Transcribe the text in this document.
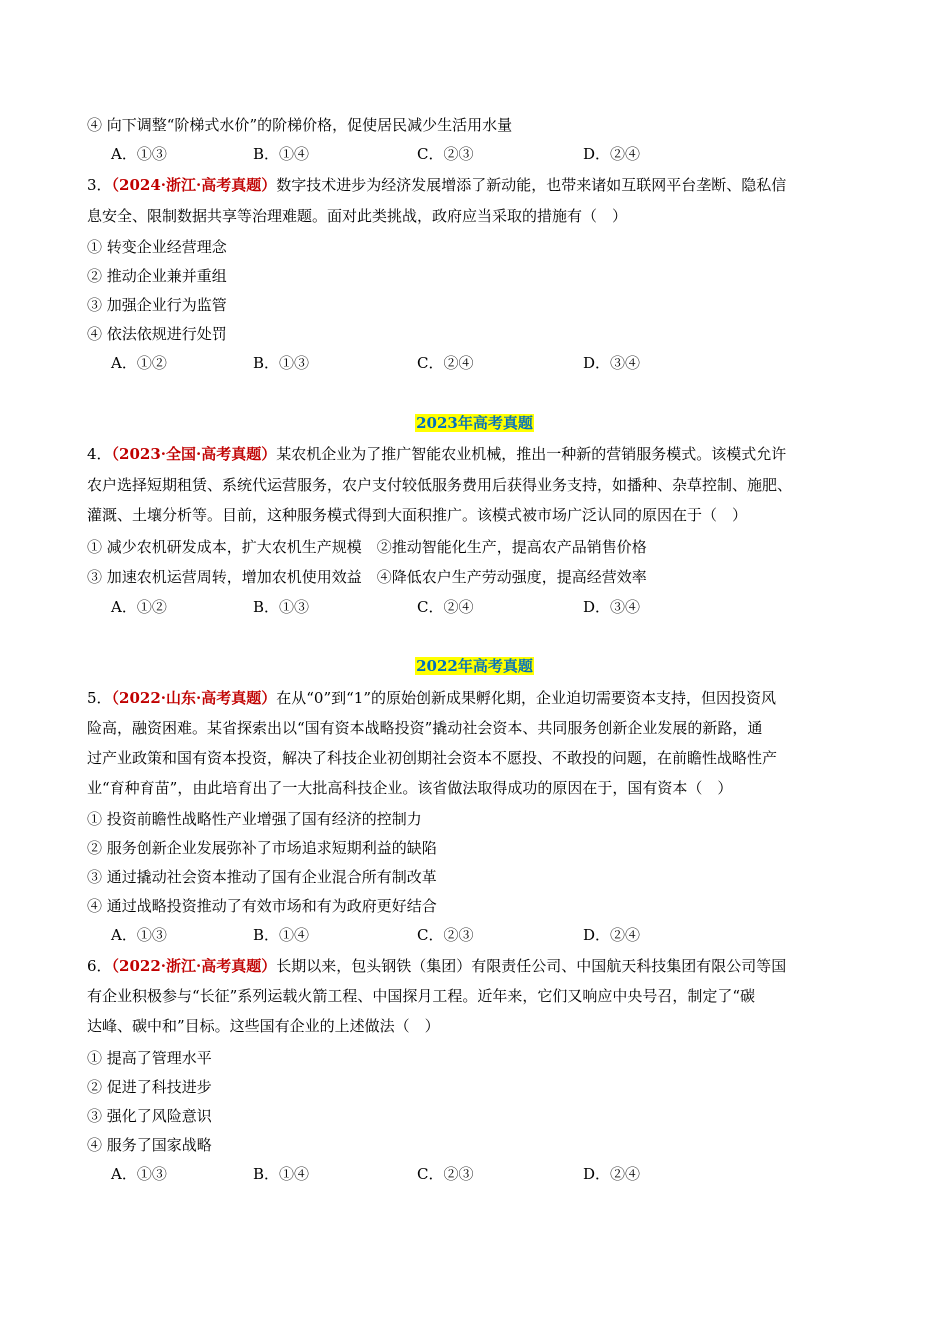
④ 向下调整“阶梯式水价”的阶梯价格，促使居民减少生活用水量
A．①③	B．①④	C．②③	D．②④
3．（2024·浙江·高考真题）数字技术进步为经济发展增添了新动能，也带来诸如互联网平台垄断、隐私信
息安全、限制数据共享等治理难题。面对此类挑战，政府应当采取的措施有（　）
① 转变企业经营理念
② 推动企业兼并重组
③ 加强企业行为监管
④ 依法依规进行处罚
A．①②	B．①③	C．②④	D．③④
2023年高考真题
4．（2023·全国·高考真题）某农机企业为了推广智能农业机械，推出一种新的营销服务模式。该模式允许
农户选择短期租赁、系统代运营服务，农户支付较低服务费用后获得业务支持，如播种、杂草控制、施肥、
灌溉、土壤分析等。目前，这种服务模式得到大面积推广。该模式被市场广泛认同的原因在于（　）
① 减少农机研发成本，扩大农机生产规模　②推动智能化生产，提高农产品销售价格
③ 加速农机运营周转，增加农机使用效益　④降低农户生产劳动强度，提高经营效率
A．①②	B．①③	C．②④	D．③④
2022年高考真题
5．（2022·山东·高考真题）在从“0”到“1”的原始创新成果孵化期，企业迫切需要资本支持，但因投资风
险高，融资困难。某省探索出以“国有资本战略投资”撬动社会资本、共同服务创新企业发展的新路，通
过产业政策和国有资本投资，解决了科技企业初创期社会资本不愿投、不敢投的问题，在前瞻性战略性产
业“育种育苗”，由此培育出了一大批高科技企业。该省做法取得成功的原因在于，国有资本（　）
① 投资前瞻性战略性产业增强了国有经济的控制力
② 服务创新企业发展弥补了市场追求短期利益的缺陷
③ 通过撬动社会资本推动了国有企业混合所有制改革
④ 通过战略投资推动了有效市场和有为政府更好结合
A．①③	B．①④	C．②③	D．②④
6．（2022·浙江·高考真题）长期以来，包头钢铁（集团）有限责任公司、中国航天科技集团有限公司等国
有企业积极参与“长征”系列运载火箭工程、中国探月工程。近年来，它们又响应中央号召，制定了“碳
达峰、碳中和”目标。这些国有企业的上述做法（　）
① 提高了管理水平
② 促进了科技进步
③ 强化了风险意识
④ 服务了国家战略
A．①③	B．①④	C．②③	D．②④
